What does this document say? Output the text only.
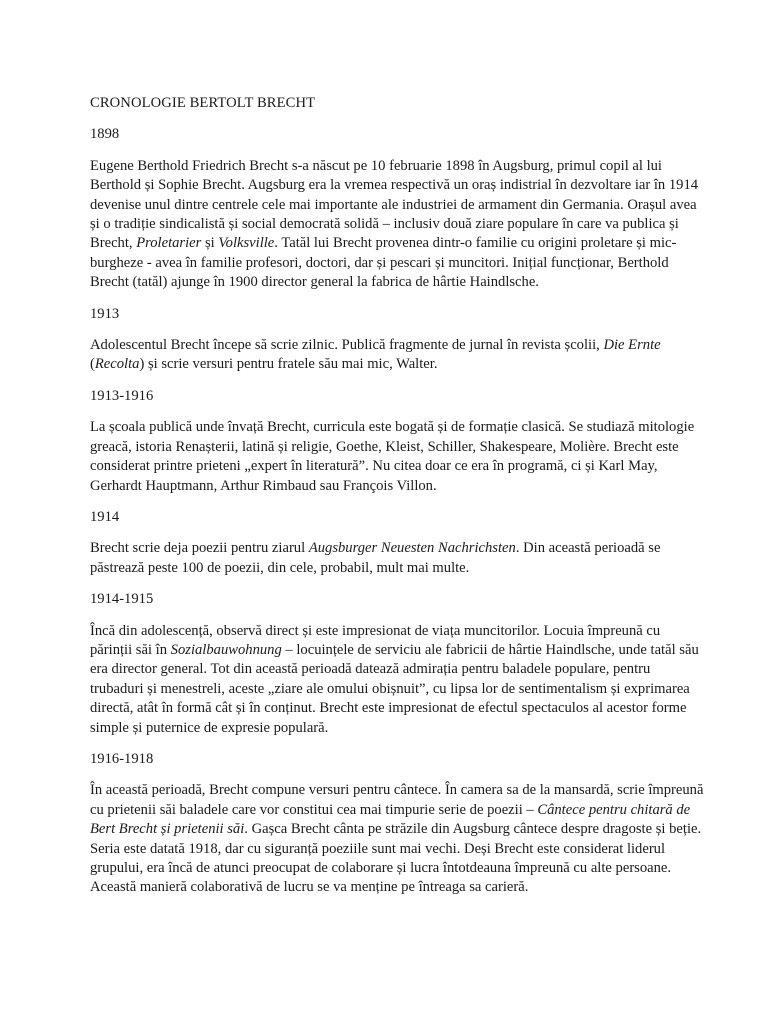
CRONOLOGIE BERTOLT BRECHT
1898
Eugene Berthold Friedrich Brecht s-a născut pe 10 februarie 1898 în Augsburg, primul copil al lui Berthold și Sophie Brecht. Augsburg era la vremea respectivă un oraș indistrial în dezvoltare iar în 1914 devenise unul dintre centrele cele mai importante ale industriei de armament din Germania. Orașul avea și o tradiție sindicalistă și social democrată solidă – inclusiv două ziare populare în care va publica și Brecht, Proletarier și Volksville. Tatăl lui Brecht provenea dintr-o familie cu origini proletare și mic-burgheze - avea în familie profesori, doctori, dar și pescari și muncitori. Inițial funcționar, Berthold Brecht (tatăl) ajunge în 1900 director general la fabrica de hârtie Haindlsche.
1913
Adolescentul Brecht începe să scrie zilnic. Publică fragmente de jurnal în revista școlii, Die Ernte (Recolta) și scrie versuri pentru fratele său mai mic, Walter.
1913-1916
La școala publică unde învață Brecht, curricula este bogată și de formație clasică. Se studiază mitologie greacă, istoria Renașterii, latină și religie, Goethe, Kleist, Schiller, Shakespeare, Molière. Brecht este considerat printre prieteni „expert în literatură”. Nu citea doar ce era în programă, ci și Karl May, Gerhardt Hauptmann, Arthur Rimbaud sau François Villon.
1914
Brecht scrie deja poezii pentru ziarul Augsburger Neuesten Nachrichsten. Din această perioadă se păstrează peste 100 de poezii, din cele, probabil, mult mai multe.
1914-1915
Încă din adolescență, observă direct și este impresionat de viața muncitorilor. Locuia împreună cu părinții săi în Sozialbauwohnung – locuințele de serviciu ale fabricii de hârtie Haindlsche, unde tatăl său era director general. Tot din această perioadă datează admirația pentru baladele populare, pentru trubaduri și menestreli, aceste „ziare ale omului obișnuit”, cu lipsa lor de sentimentalism și exprimarea directă, atât în formă cât și în conținut. Brecht este impresionat de efectul spectaculos al acestor forme simple și puternice de expresie populară.
1916-1918
În această perioadă, Brecht compune versuri pentru cântece. În camera sa de la mansardă, scrie împreună cu prietenii săi baladele care vor constitui cea mai timpurie serie de poezii – Cântece pentru chitară de Bert Brecht și prietenii săi. Gașca Brecht cânta pe străzile din Augsburg cântece despre dragoste și beție. Seria este datată 1918, dar cu siguranță poeziile sunt mai vechi. Deși Brecht este considerat liderul grupului, era încă de atunci preocupat de colaborare și lucra întotdeauna împreună cu alte persoane. Această manieră colaborativă de lucru se va menține pe întreaga sa carieră.
